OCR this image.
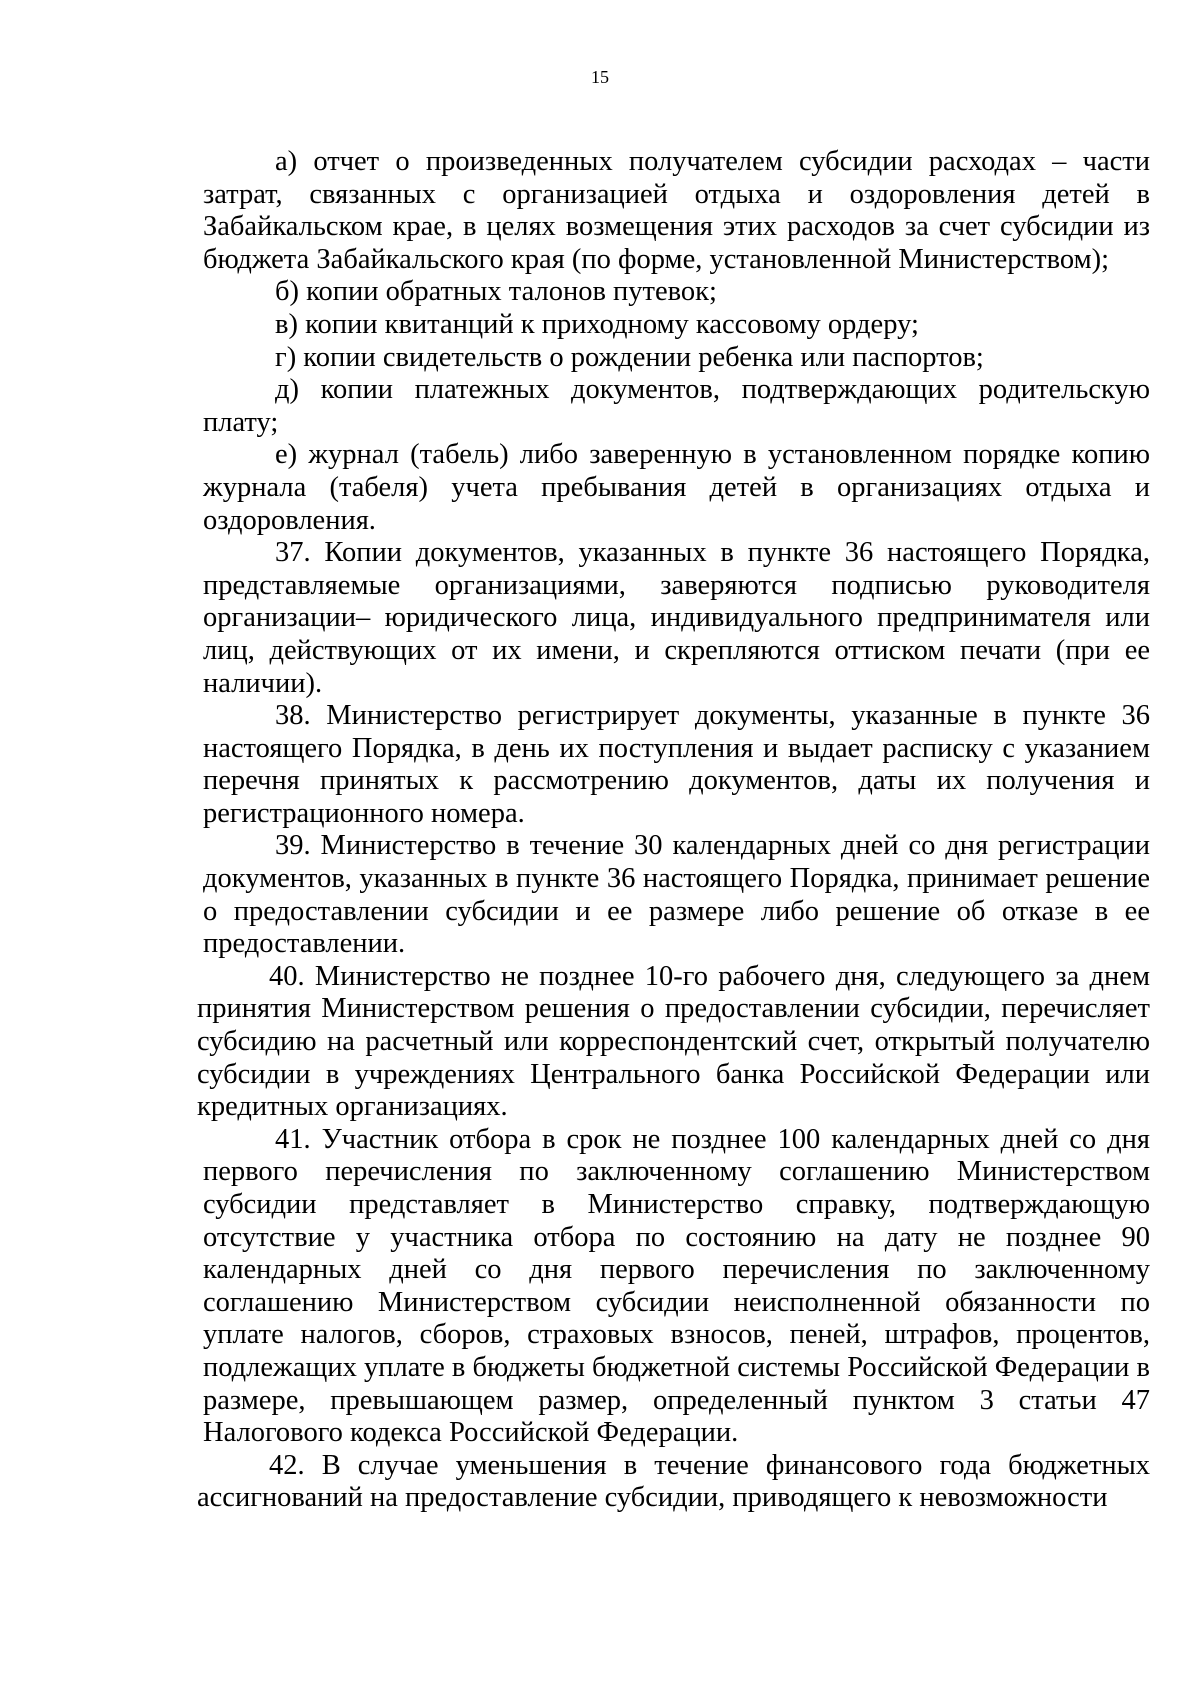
15

а) отчет о произведенных получателем субсидии расходах – части затрат, связанных с организацией отдыха и оздоровления детей в Забайкальском крае, в целях возмещения этих расходов за счет субсидии из бюджета Забайкальского края (по форме, установленной Министерством);

б) копии обратных талонов путевок;

в) копии квитанций к приходному кассовому ордеру;

г) копии свидетельств о рождении ребенка или паспортов;

д) копии платежных документов, подтверждающих родительскую плату;

е) журнал (табель) либо заверенную в установленном порядке копию журнала (табеля) учета пребывания детей в организациях отдыха и оздоровления.

37. Копии документов, указанных в пункте 36 настоящего Порядка, представляемые организациями, заверяются подписью руководителя организации– юридического лица, индивидуального предпринимателя или лиц, действующих от их имени, и скрепляются оттиском печати (при ее наличии).

38. Министерство регистрирует документы, указанные в пункте 36 настоящего Порядка, в день их поступления и выдает расписку с указанием перечня принятых к рассмотрению документов, даты их получения и регистрационного номера.

39. Министерство в течение 30 календарных дней со дня регистрации документов, указанных в пункте 36 настоящего Порядка, принимает решение о предоставлении субсидии и ее размере либо решение об отказе в ее предоставлении.

40. Министерство не позднее 10-го рабочего дня, следующего за днем принятия Министерством решения о предоставлении субсидии, перечисляет субсидию на расчетный или корреспондентский счет, открытый получателю субсидии в учреждениях Центрального банка Российской Федерации или кредитных организациях.

41. Участник отбора в срок не позднее 100 календарных дней со дня первого перечисления по заключенному соглашению Министерством субсидии представляет в Министерство справку, подтверждающую отсутствие у участника отбора по состоянию на дату не позднее 90 календарных дней со дня первого перечисления по заключенному соглашению Министерством субсидии неисполненной обязанности по уплате налогов, сборов, страховых взносов, пеней, штрафов, процентов, подлежащих уплате в бюджеты бюджетной системы Российской Федерации в размере, превышающем размер, определенный пунктом 3 статьи 47 Налогового кодекса Российской Федерации.

42. В случае уменьшения в течение финансового года бюджетных ассигнований на предоставление субсидии, приводящего к невозможности
